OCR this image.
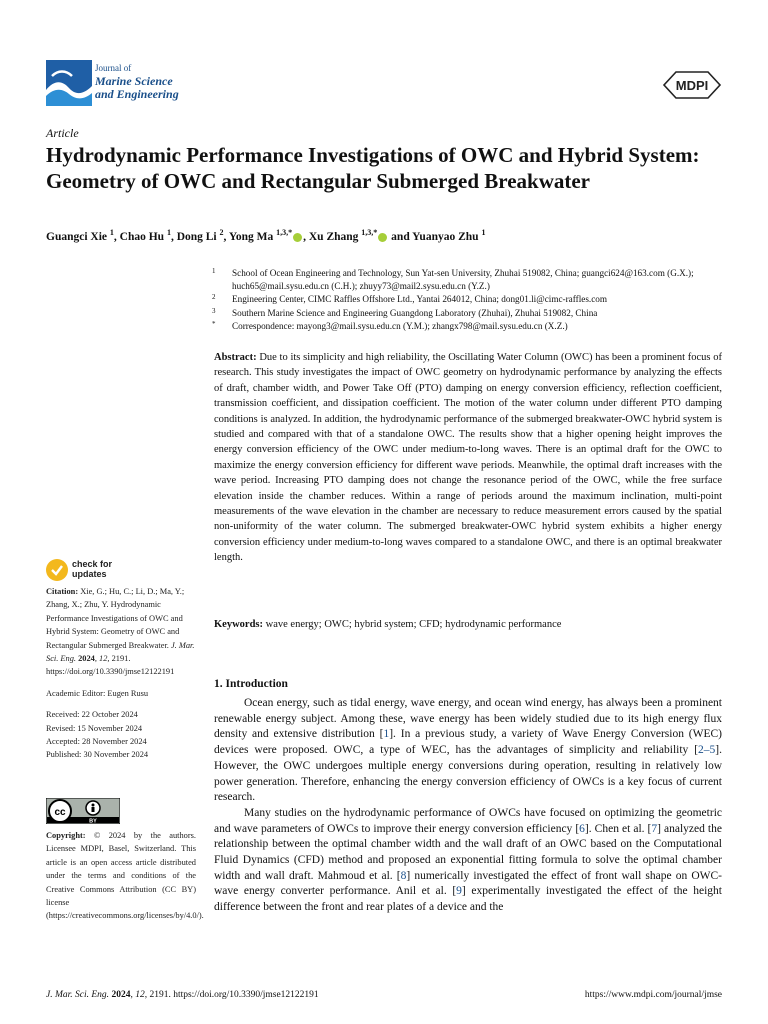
Journal of
Marine Science
and Engineering
MDPI
Article
Hydrodynamic Performance Investigations of OWC and Hybrid System: Geometry of OWC and Rectangular Submerged Breakwater
Guangci Xie $^1$, Chao Hu $^1$, Dong Li $^2$, Yong Ma $^{1,3,*}$ , Xu Zhang $^{1,3,*}$ and Yuanyao Zhu $^1$
1 School of Ocean Engineering and Technology, Sun Yat-sen University, Zhuhai 519082, China; guangci624@163.com (G.X.); huch65@mail.sysu.edu.cn (C.H.); zhuyy73@mail2.sysu.edu.cn (Y.Z.)
2 Engineering Center, CIMC Raffles Offshore Ltd., Yantai 264012, China; dong01.li@cimc-raffles.com
3 Southern Marine Science and Engineering Guangdong Laboratory (Zhuhai), Zhuhai 519082, China
* Correspondence: mayong3@mail.sysu.edu.cn (Y.M.); zhangx798@mail.sysu.edu.cn (X.Z.)
Abstract: Due to its simplicity and high reliability, the Oscillating Water Column (OWC) has been a prominent focus of research. This study investigates the impact of OWC geometry on hydrodynamic performance by analyzing the effects of draft, chamber width, and Power Take Off (PTO) damping on energy conversion efficiency, reflection coefficient, transmission coefficient, and dissipation coefficient. The motion of the water column under different PTO damping conditions is analyzed. In addition, the hydrodynamic performance of the submerged breakwater-OWC hybrid system is studied and compared with that of a standalone OWC. The results show that a higher opening height improves the energy conversion efficiency of the OWC under medium-to-long waves. There is an optimal draft for the OWC to maximize the energy conversion efficiency for different wave periods. Meanwhile, the optimal draft increases with the wave period. Increasing PTO damping does not change the resonance period of the OWC, while the free surface elevation inside the chamber reduces. Within a range of periods around the maximum inclination, multi-point measurements of the wave elevation in the chamber are necessary to reduce measurement errors caused by the spatial non-uniformity of the water column. The submerged breakwater-OWC hybrid system exhibits a higher energy conversion efficiency under medium-to-long waves compared to a standalone OWC, and there is an optimal breakwater length.
Keywords: wave energy; OWC; hybrid system; CFD; hydrodynamic performance
1. Introduction

Ocean energy, such as tidal energy, wave energy, and ocean wind energy, has always been a prominent renewable energy subject. Among these, wave energy has been widely studied due to its high energy flux density and extensive distribution [1]. In a previous study, a variety of Wave Energy Conversion (WEC) devices were proposed. OWC, a type of WEC, has the advantages of simplicity and reliability [2–5]. However, the OWC undergoes multiple energy conversions during operation, resulting in relatively low power generation. Therefore, enhancing the energy conversion efficiency of OWCs is a key focus of current research.

Many studies on the hydrodynamic performance of OWCs have focused on optimizing the geometric and wave parameters of OWCs to improve their energy conversion efficiency [6]. Chen et al. [7] analyzed the relationship between the optimal chamber width and the wall draft of an OWC based on the Computational Fluid Dynamics (CFD) method and proposed an exponential fitting formula to solve the optimal chamber width and wall draft. Mahmoud et al. [8] numerically investigated the effect of front wall shape on OWC-wave energy converter performance. Anil et al. [9] experimentally investigated the effect of the height difference between the front and rear plates of a device and the

check for
updates

Citation: Xie, G.; Hu, C.; Li, D.; Ma, Y.; Zhang, X.; Zhu, Y. Hydrodynamic Performance Investigations of OWC and Hybrid System: Geometry of OWC and Rectangular Submerged Breakwater. J. Mar. Sci. Eng. 2024, 12, 2191. https://doi.org/10.3390/jmse12122191

Academic Editor: Eugen Rusu

Received: 22 October 2024
Revised: 15 November 2024
Accepted: 28 November 2024
Published: 30 November 2024

cc
BY
Copyright: © 2024 by the authors. Licensee MDPI, Basel, Switzerland. This article is an open access article distributed under the terms and conditions of the Creative Commons Attribution (CC BY) license (https://creativecommons.org/licenses/by/4.0/).
J. Mar. Sci. Eng. 2024, 12, 2191. https://doi.org/10.3390/jmse12122191	https://www.mdpi.com/journal/jmse
